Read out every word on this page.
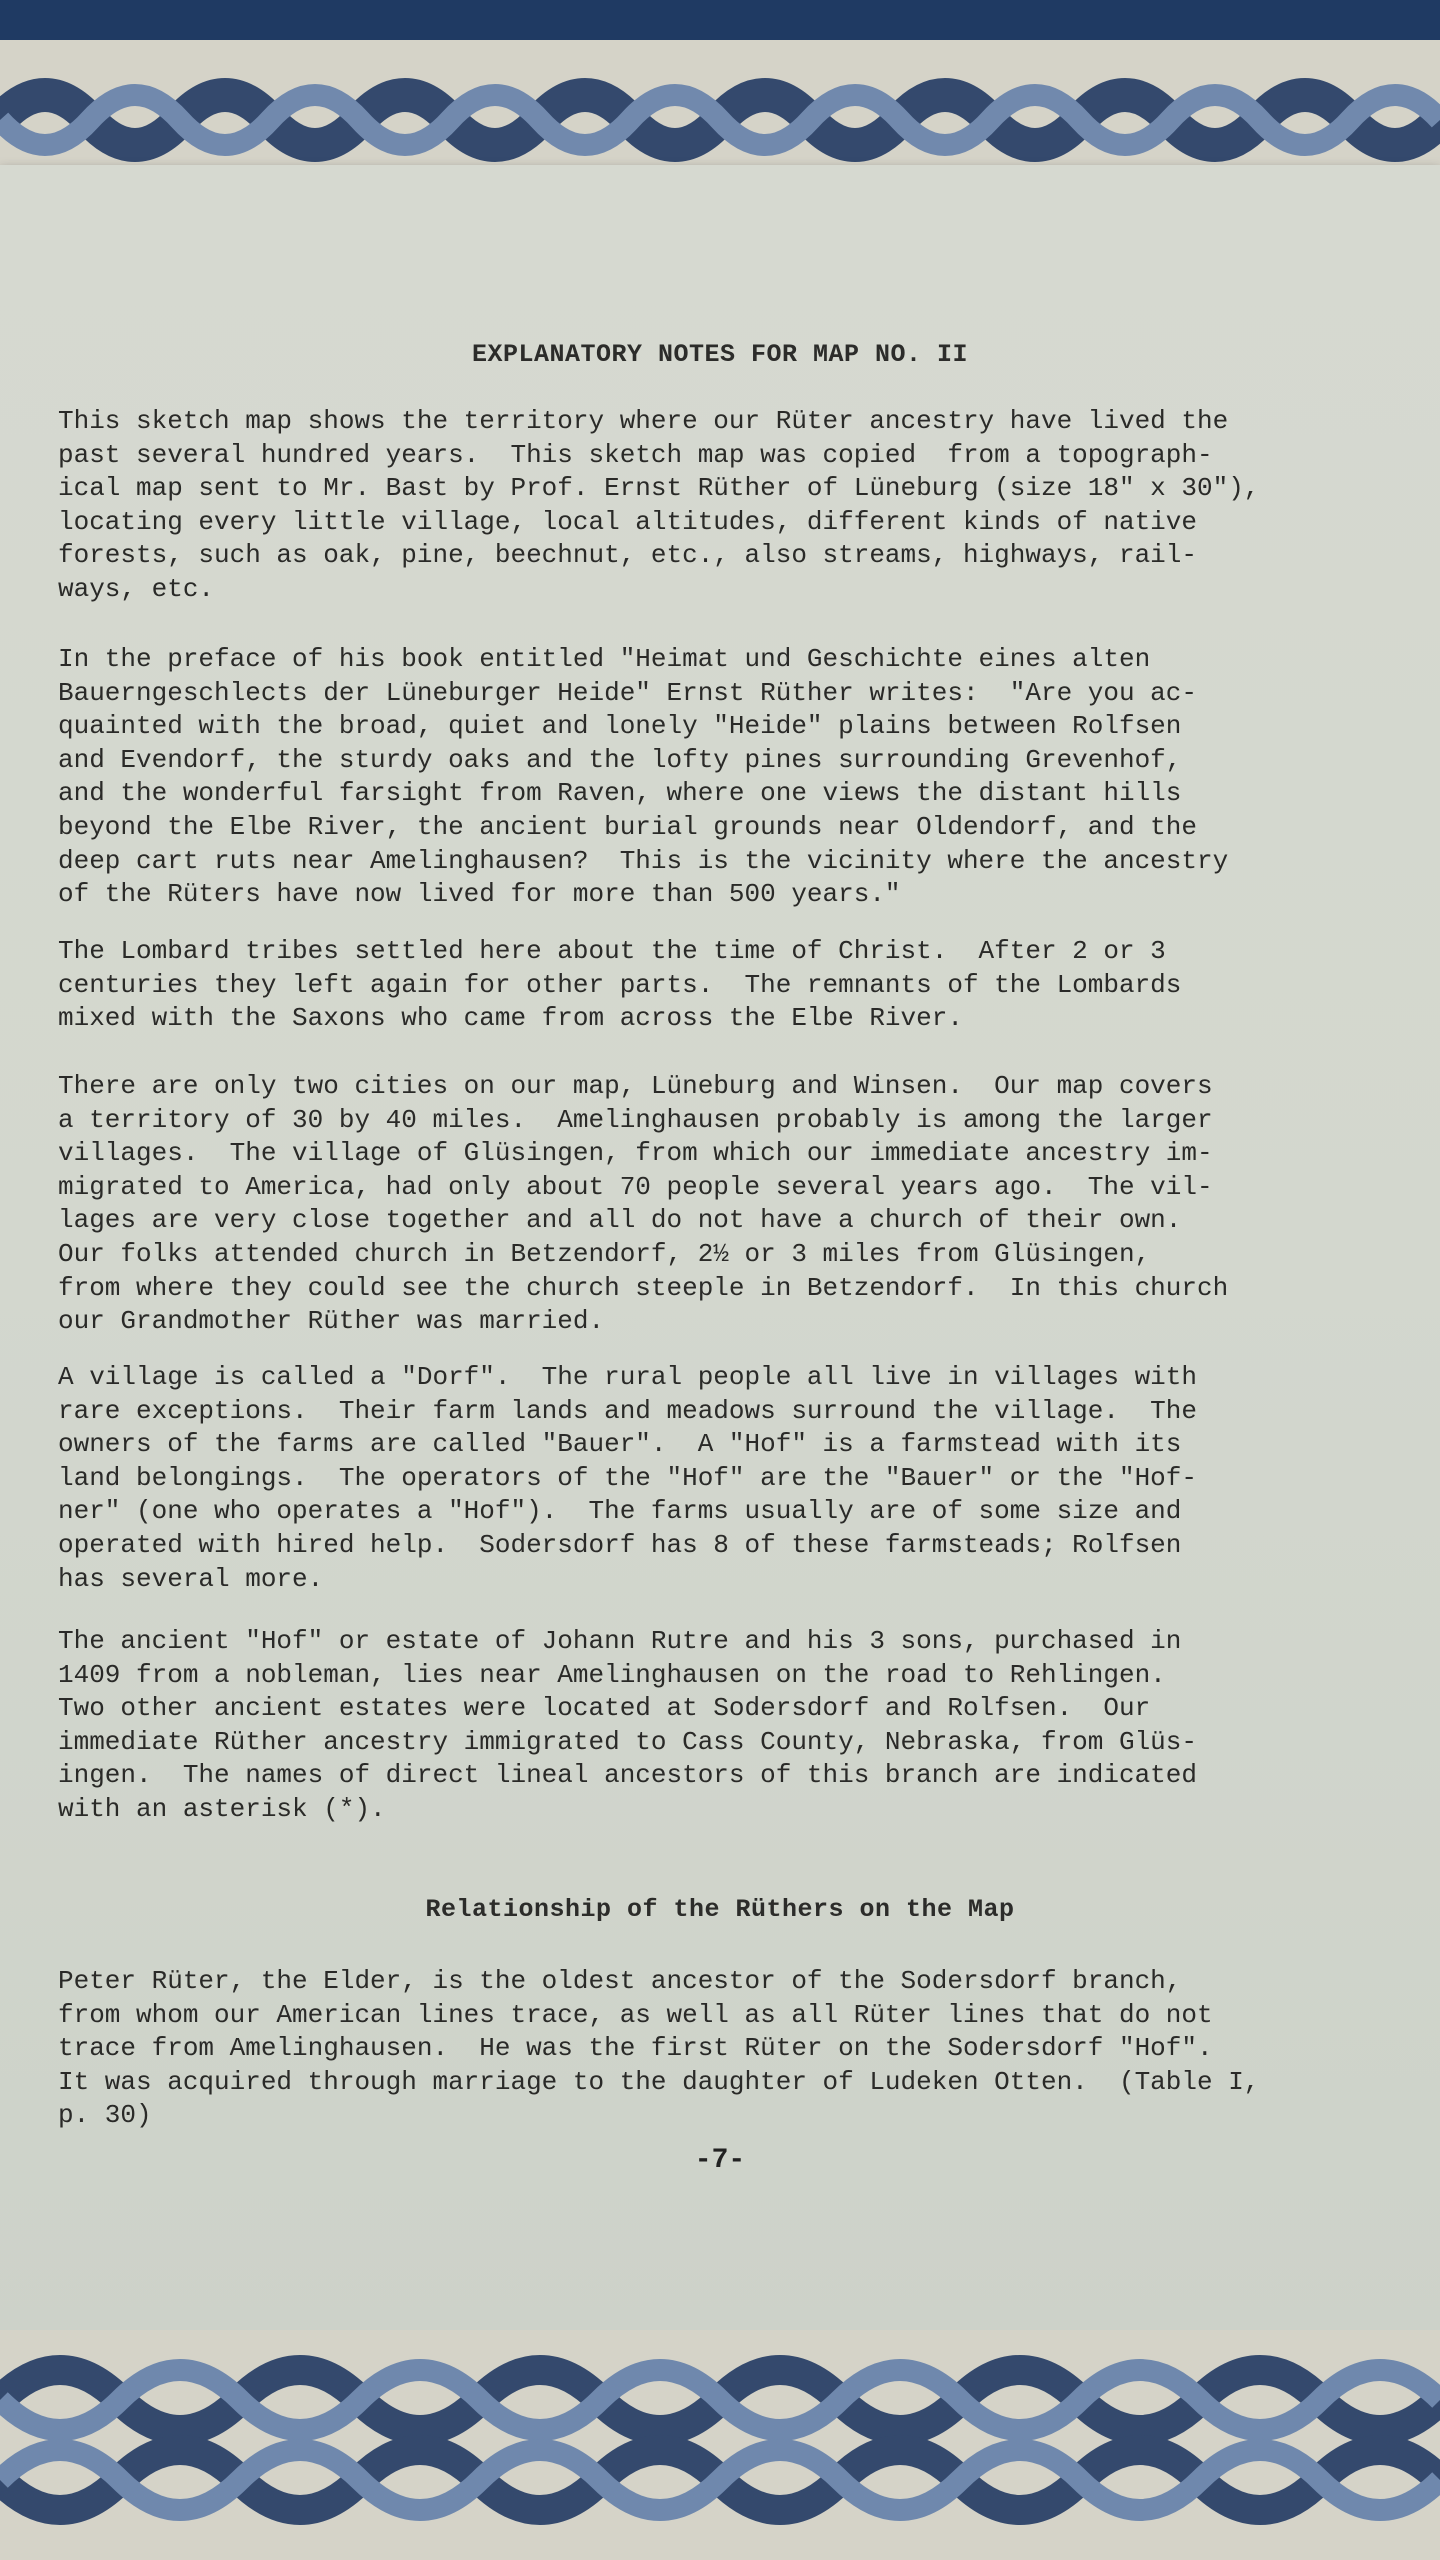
EXPLANATORY NOTES FOR MAP NO. II

This sketch map shows the territory where our Rüter ancestry have lived the
past several hundred years.  This sketch map was copied  from a topograph-
ical map sent to Mr. Bast by Prof. Ernst Rüther of Lüneburg (size 18" x 30"),
locating every little village, local altitudes, different kinds of native
forests, such as oak, pine, beechnut, etc., also streams, highways, rail-
ways, etc.

In the preface of his book entitled "Heimat und Geschichte eines alten
Bauerngeschlects der Lüneburger Heide" Ernst Rüther writes:  "Are you ac-
quainted with the broad, quiet and lonely "Heide" plains between Rolfsen
and Evendorf, the sturdy oaks and the lofty pines surrounding Grevenhof,
and the wonderful farsight from Raven, where one views the distant hills
beyond the Elbe River, the ancient burial grounds near Oldendorf, and the
deep cart ruts near Amelinghausen?  This is the vicinity where the ancestry
of the Rüters have now lived for more than 500 years."

The Lombard tribes settled here about the time of Christ.  After 2 or 3
centuries they left again for other parts.  The remnants of the Lombards
mixed with the Saxons who came from across the Elbe River.

There are only two cities on our map, Lüneburg and Winsen.  Our map covers
a territory of 30 by 40 miles.  Amelinghausen probably is among the larger
villages.  The village of Glüsingen, from which our immediate ancestry im-
migrated to America, had only about 70 people several years ago.  The vil-
lages are very close together and all do not have a church of their own.
Our folks attended church in Betzendorf, 2½ or 3 miles from Glüsingen,
from where they could see the church steeple in Betzendorf.  In this church
our Grandmother Rüther was married.

A village is called a "Dorf".  The rural people all live in villages with
rare exceptions.  Their farm lands and meadows surround the village.  The
owners of the farms are called "Bauer".  A "Hof" is a farmstead with its
land belongings.  The operators of the "Hof" are the "Bauer" or the "Hof-
ner" (one who operates a "Hof").  The farms usually are of some size and
operated with hired help.  Sodersdorf has 8 of these farmsteads; Rolfsen
has several more.

The ancient "Hof" or estate of Johann Rutre and his 3 sons, purchased in
1409 from a nobleman, lies near Amelinghausen on the road to Rehlingen.
Two other ancient estates were located at Sodersdorf and Rolfsen.  Our
immediate Rüther ancestry immigrated to Cass County, Nebraska, from Glüs-
ingen.  The names of direct lineal ancestors of this branch are indicated
with an asterisk (*).

Relationship of the Rüthers on the Map

Peter Rüter, the Elder, is the oldest ancestor of the Sodersdorf branch,
from whom our American lines trace, as well as all Rüter lines that do not
trace from Amelinghausen.  He was the first Rüter on the Sodersdorf "Hof".
It was acquired through marriage to the daughter of Ludeken Otten.  (Table I,
p. 30)

-7-
